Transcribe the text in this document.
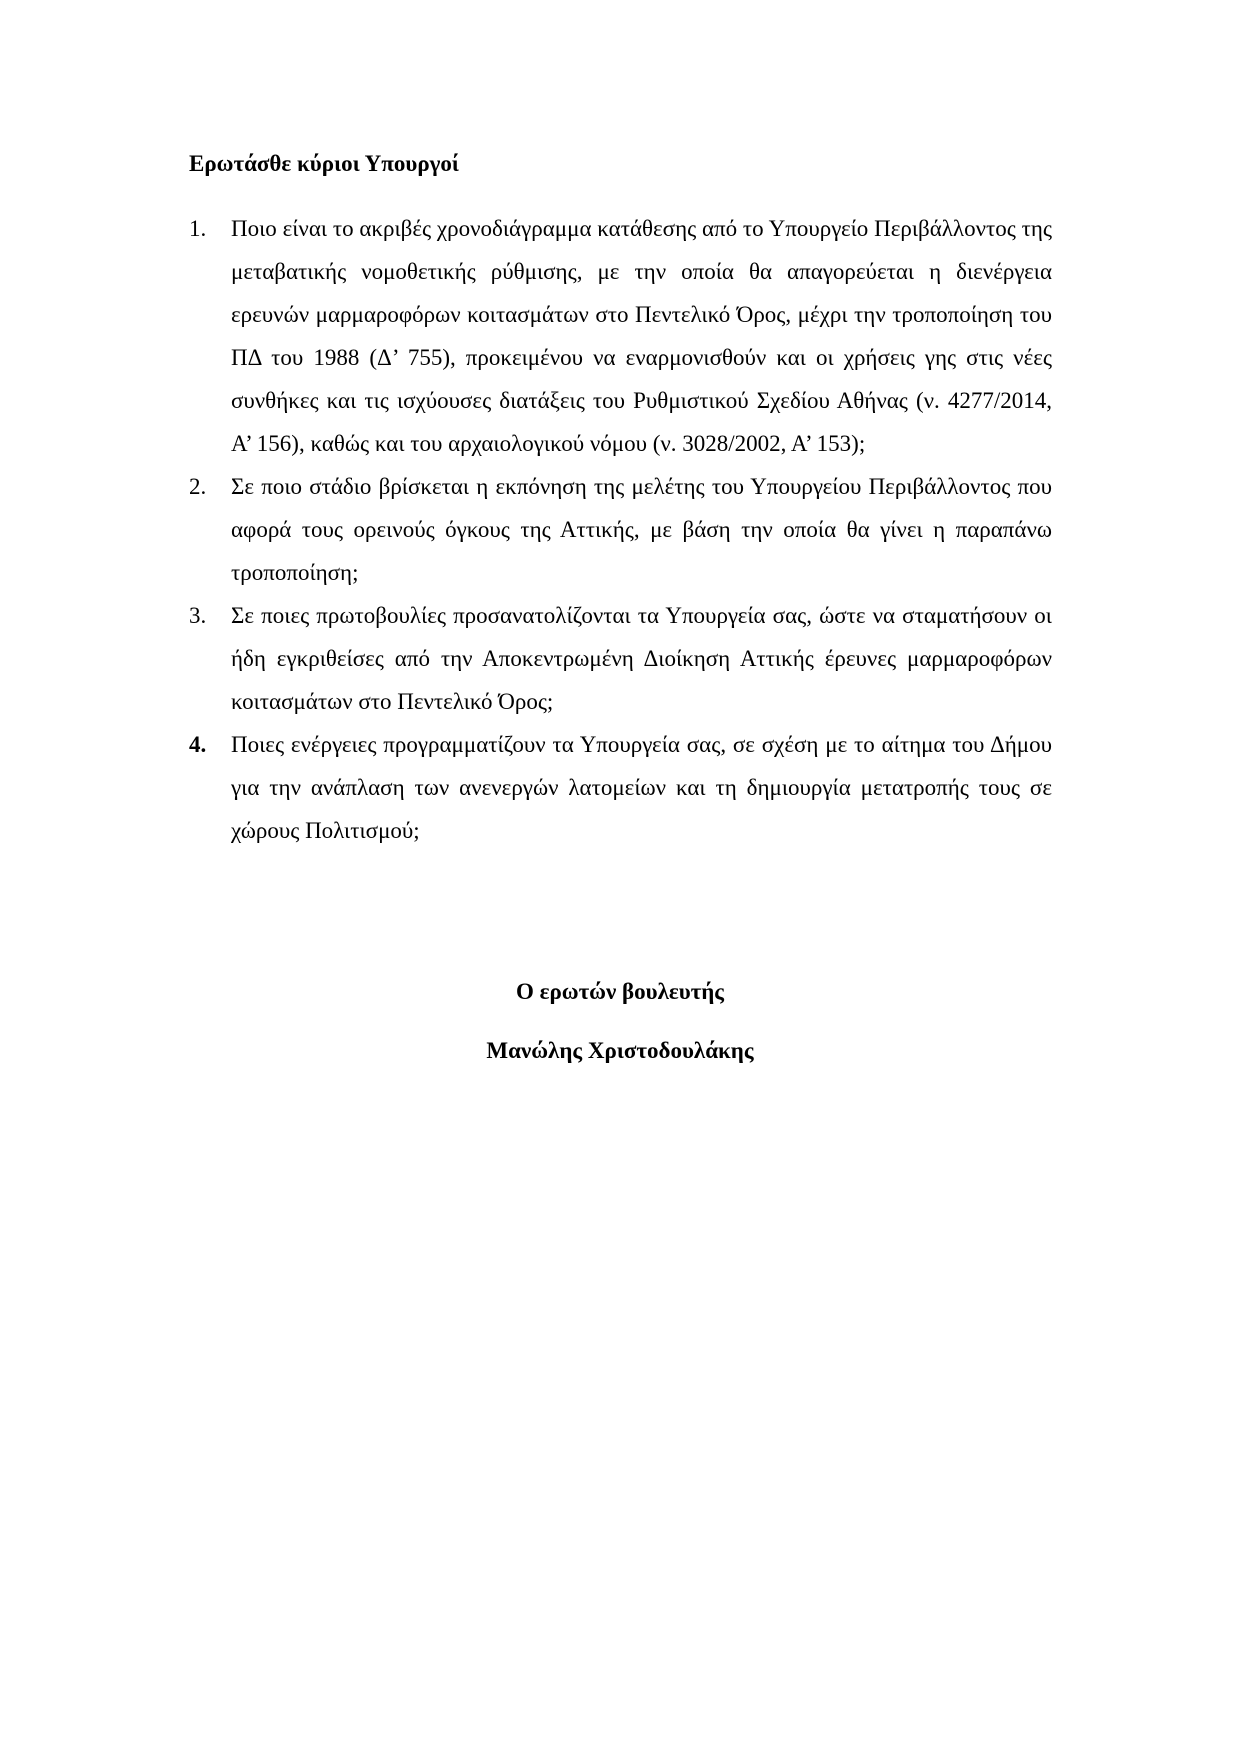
Ερωτάσθε κύριοι Υπουργοί
1.	Ποιο είναι το ακριβές χρονοδιάγραμμα κατάθεσης από το Υπουργείο Περιβάλλοντος της μεταβατικής νομοθετικής ρύθμισης, με την οποία θα απαγορεύεται η διενέργεια ερευνών μαρμαροφόρων κοιτασμάτων στο Πεντελικό Όρος, μέχρι την τροποποίηση του ΠΔ του 1988 (Δ’ 755), προκειμένου να εναρμονισθούν και οι χρήσεις γης στις νέες συνθήκες και τις ισχύουσες διατάξεις του Ρυθμιστικού Σχεδίου Αθήνας (ν. 4277/2014, Α’ 156), καθώς και του αρχαιολογικού νόμου (ν. 3028/2002, Α’ 153);
2.	Σε ποιο στάδιο βρίσκεται η εκπόνηση της μελέτης του Υπουργείου Περιβάλλοντος που αφορά τους ορεινούς όγκους της Αττικής, με βάση την οποία θα γίνει η παραπάνω τροποποίηση;
3.	Σε ποιες πρωτοβουλίες προσανατολίζονται τα Υπουργεία σας, ώστε να σταματήσουν οι ήδη εγκριθείσες από την Αποκεντρωμένη Διοίκηση Αττικής έρευνες μαρμαροφόρων κοιτασμάτων στο Πεντελικό Όρος;
4.	Ποιες ενέργειες προγραμματίζουν τα Υπουργεία σας, σε σχέση με το αίτημα του Δήμου για την ανάπλαση των ανενεργών λατομείων και τη δημιουργία μετατροπής τους σε χώρους Πολιτισμού;
Ο ερωτών βουλευτής
Μανώλης Χριστοδουλάκης
